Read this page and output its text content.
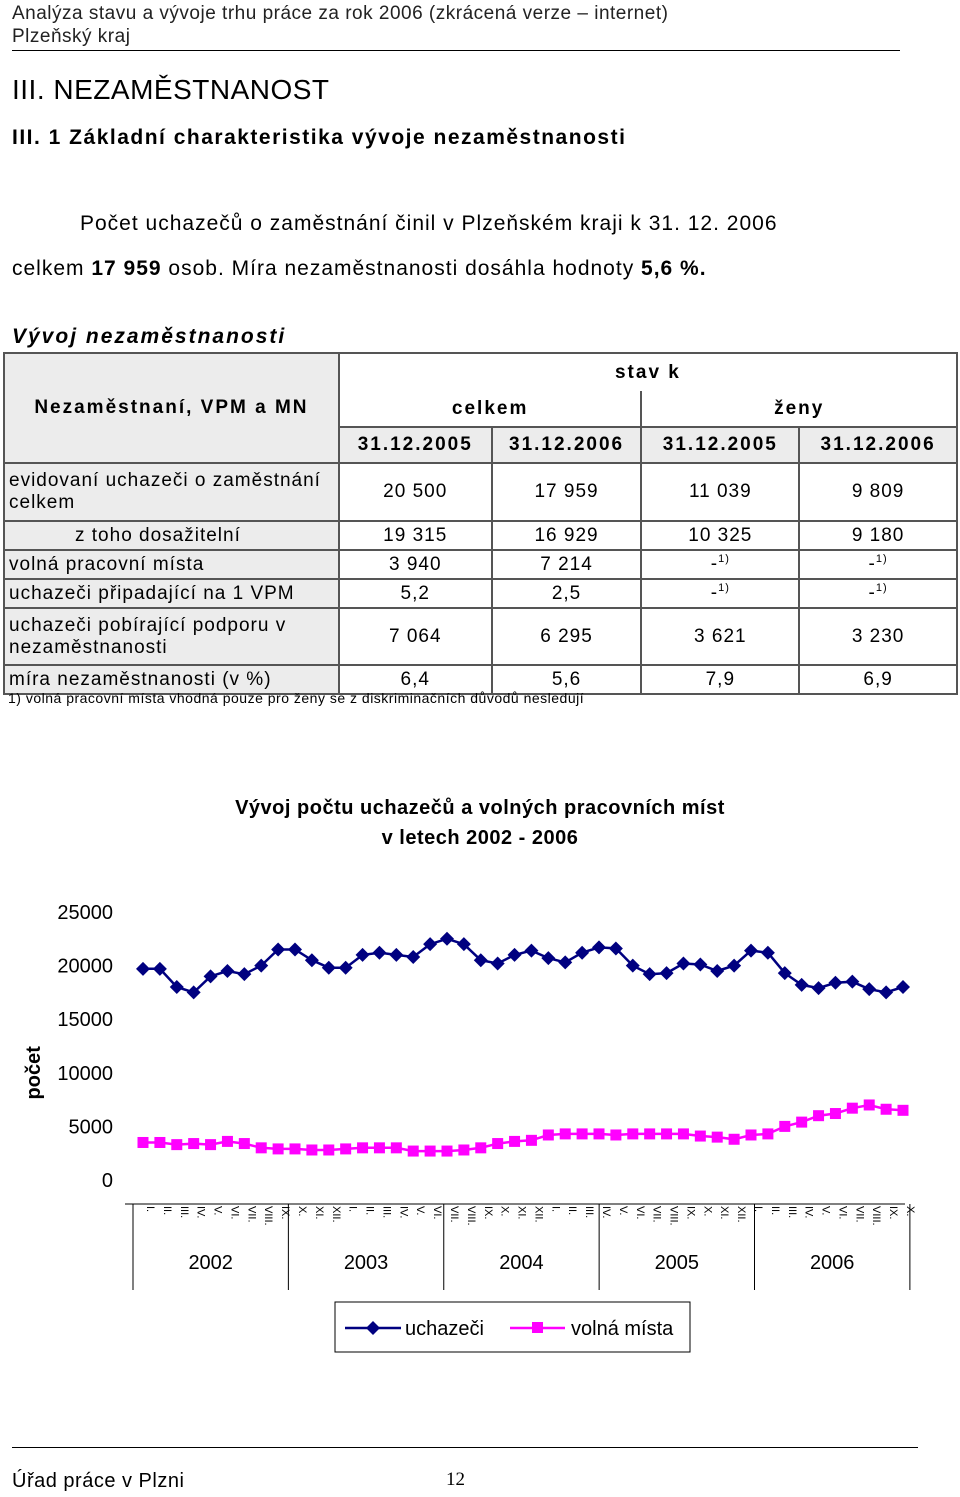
Analýza stavu a vývoje trhu práce za rok 2006 (zkrácená verze – internet)
Plzeňský kraj
III. NEZAMĚSTNANOST
III. 1 Základní charakteristika vývoje nezaměstnanosti
Počet uchazečů o zaměstnání činil v Plzeňském kraji k 31. 12. 2006
celkem 17 959 osob. Míra nezaměstnanosti dosáhla hodnoty 5,6 %.
Vývoj nezaměstnanosti
Nezaměstnaní, VPM a MN	stav k			
	celkem		ženy	
	31.12.2005	31.12.2006	31.12.2005	31.12.2006
evidovaní uchazeči o zaměstnání celkem	20 500	17 959	11 039	9 809
z toho dosažitelní	19 315	16 929	10 325	9 180
volná pracovní místa	3 940	7 214	-$^{1)}$	-$^{1)}$
uchazeči připadající na 1 VPM	5,2	2,5	-$^{1)}$	-$^{1)}$
uchazeči pobírající podporu v nezaměstnanosti	7 064	6 295	3 621	3 230
míra nezaměstnanosti (v %)	6,4	5,6	7,9	6,9
1) volná pracovní místa vhodná pouze pro ženy se z diskriminačních důvodů nesledují
Vývoj počtu uchazečů a volných pracovních míst
v letech 2002 - 2006
25000
20000
15000
10000
5000
0
počet
I. II. III. IV. V. VI. VII. VIII. IX. X. XI. XII. I. II. III. IV. V. VI. VII. VIII. IX. X. XI. XII. I. II. III. IV. V. VI. VII. VIII. IX. X. XI. XII. I. II. III. IV. V. VI. VII. VIII. IX. X.
2002	2003	2004	2005	2006
uchazeči	volná místa
Úřad práce v Plzni	12
